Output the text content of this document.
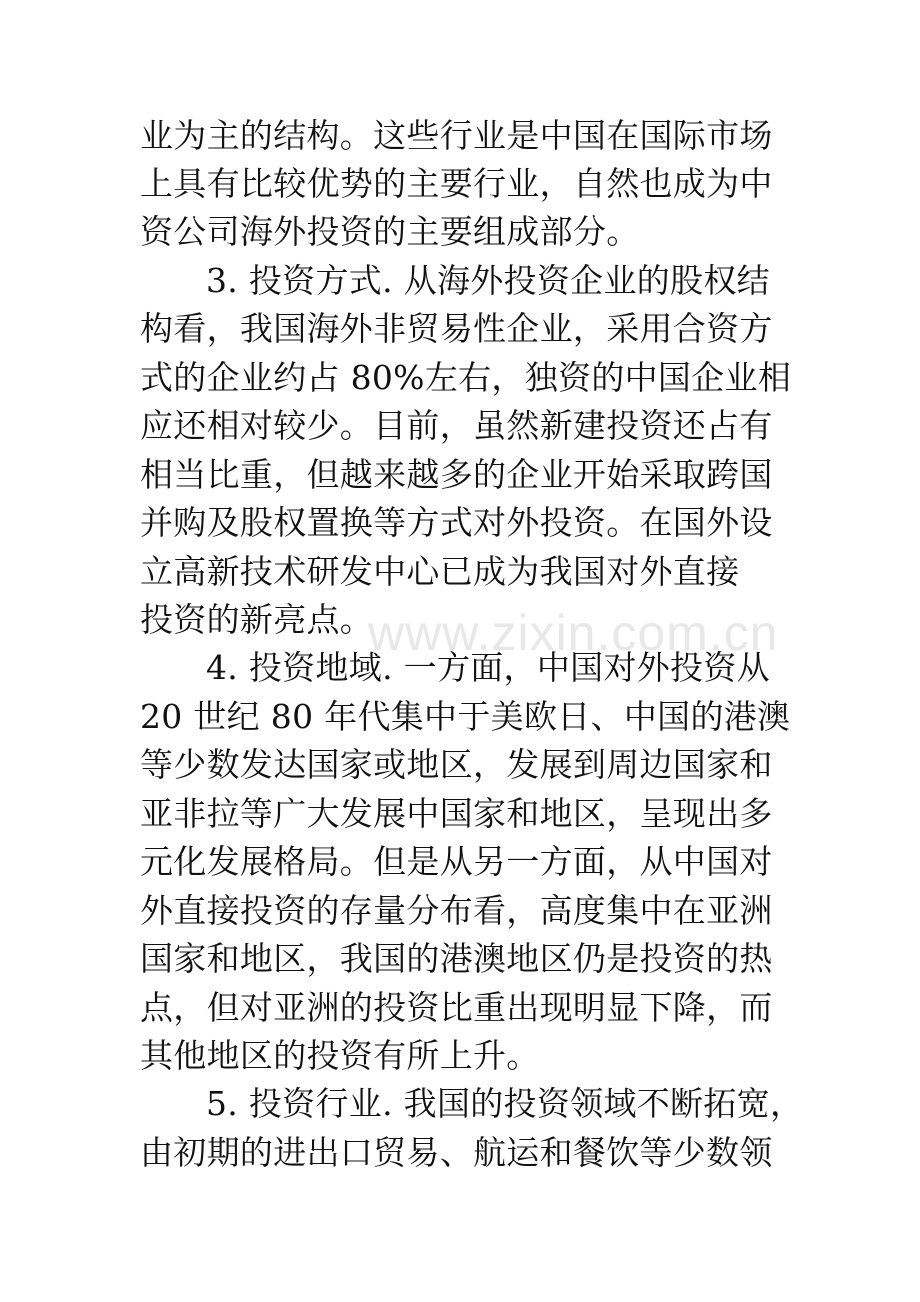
业为主的结构。这些行业是中国在国际市场
上具有比较优势的主要行业，自然也成为中
资公司海外投资的主要组成部分。
3. 投资方式. 从海外投资企业的股权结
构看，我国海外非贸易性企业，采用合资方
式的企业约占 80%左右，独资的中国企业相
应还相对较少。目前，虽然新建投资还占有
相当比重，但越来越多的企业开始采取跨国
并购及股权置换等方式对外投资。在国外设
立高新技术研发中心已成为我国对外直接
投资的新亮点。
4. 投资地域. 一方面，中国对外投资从
20 世纪 80 年代集中于美欧日、中国的港澳
等少数发达国家或地区，发展到周边国家和
亚非拉等广大发展中国家和地区，呈现出多
元化发展格局。但是从另一方面，从中国对
外直接投资的存量分布看，高度集中在亚洲
国家和地区，我国的港澳地区仍是投资的热
点，但对亚洲的投资比重出现明显下降，而
其他地区的投资有所上升。
5. 投资行业. 我国的投资领域不断拓宽，
由初期的进出口贸易、航运和餐饮等少数领
www.zixin.com.cn
